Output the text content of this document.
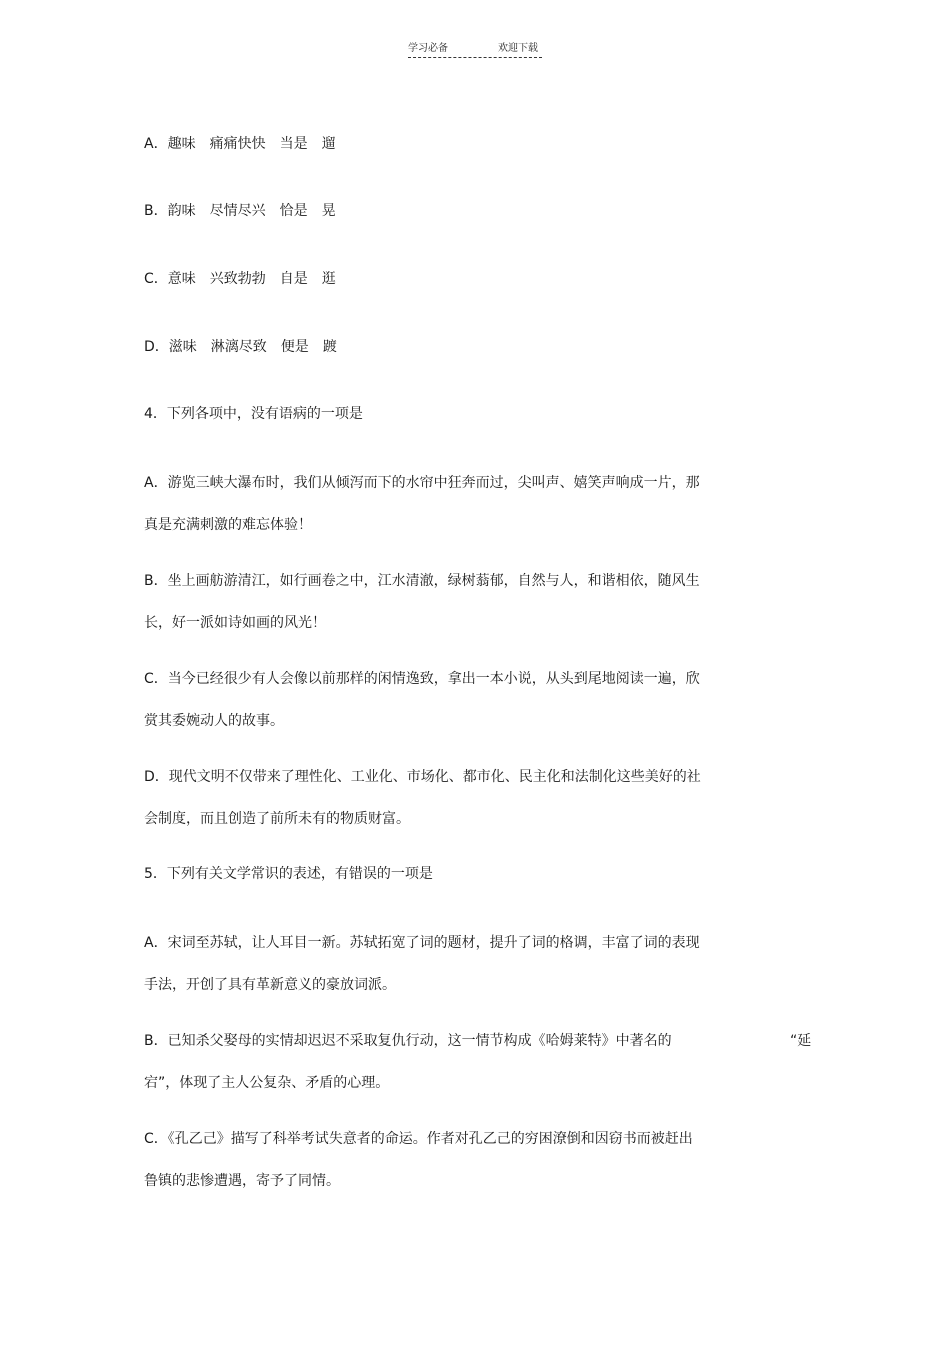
学习必备	欢迎下载
A．趣味 痛痛快快 当是 遛
B．韵味 尽情尽兴 恰是 晃
C．意味 兴致勃勃 自是 逛
D．滋味 淋漓尽致 便是 踱
4．下列各项中，没有语病的一项是
A．游览三峡大瀑布时，我们从倾泻而下的水帘中狂奔而过，尖叫声、嬉笑声响成一片，那
真是充满刺激的难忘体验！
B．坐上画舫游清江，如行画卷之中，江水清澈，绿树蓊郁，自然与人，和谐相依，随风生
长，好一派如诗如画的风光！
C．当今已经很少有人会像以前那样的闲情逸致，拿出一本小说，从头到尾地阅读一遍，欣
赏其委婉动人的故事。
D．现代文明不仅带来了理性化、工业化、市场化、都市化、民主化和法制化这些美好的社
会制度，而且创造了前所未有的物质财富。
5．下列有关文学常识的表述，有错误的一项是
A．宋词至苏轼，让人耳目一新。苏轼拓宽了词的题材，提升了词的格调，丰富了词的表现
手法，开创了具有革新意义的豪放词派。
B．已知杀父娶母的实情却迟迟不采取复仇行动，这一情节构成《哈姆莱特》中著名的	“延
宕”，体现了主人公复杂、矛盾的心理。
C．《孔乙己》描写了科举考试失意者的命运。作者对孔乙己的穷困潦倒和因窃书而被赶出
鲁镇的悲惨遭遇，寄予了同情。
